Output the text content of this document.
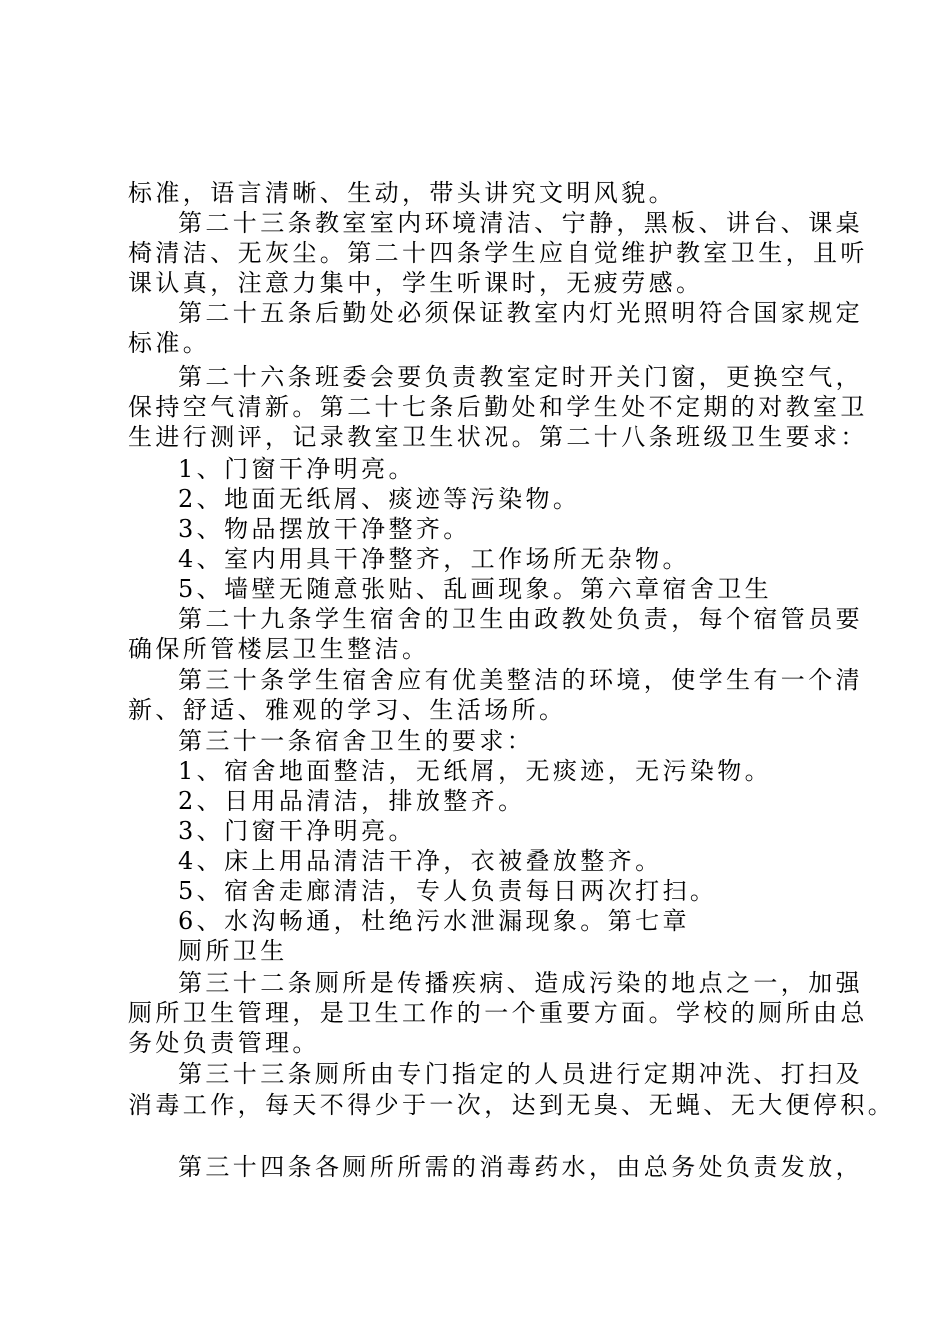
标准，语言清晰、生动，带头讲究文明风貌。
第二十三条教室室内环境清洁、宁静，黑板、讲台、课桌
椅清洁、无灰尘。第二十四条学生应自觉维护教室卫生，且听
课认真，注意力集中，学生听课时，无疲劳感。
第二十五条后勤处必须保证教室内灯光照明符合国家规定
标准。
第二十六条班委会要负责教室定时开关门窗，更换空气，
保持空气清新。第二十七条后勤处和学生处不定期的对教室卫
生进行测评，记录教室卫生状况。第二十八条班级卫生要求：
1、门窗干净明亮。
2、地面无纸屑、痰迹等污染物。
3、物品摆放干净整齐。
4、室内用具干净整齐，工作场所无杂物。
5、墙壁无随意张贴、乱画现象。第六章宿舍卫生
第二十九条学生宿舍的卫生由政教处负责，每个宿管员要
确保所管楼层卫生整洁。
第三十条学生宿舍应有优美整洁的环境，使学生有一个清
新、舒适、雅观的学习、生活场所。
第三十一条宿舍卫生的要求：
1、宿舍地面整洁，无纸屑，无痰迹，无污染物。
2、日用品清洁，排放整齐。
3、门窗干净明亮。
4、床上用品清洁干净，衣被叠放整齐。
5、宿舍走廊清洁，专人负责每日两次打扫。
6、水沟畅通，杜绝污水泄漏现象。第七章
厕所卫生
第三十二条厕所是传播疾病、造成污染的地点之一，加强
厕所卫生管理，是卫生工作的一个重要方面。学校的厕所由总
务处负责管理。
第三十三条厕所由专门指定的人员进行定期冲洗、打扫及
消毒工作，每天不得少于一次，达到无臭、无蝇、无大便停积。
第三十四条各厕所所需的消毒药水，由总务处负责发放，
